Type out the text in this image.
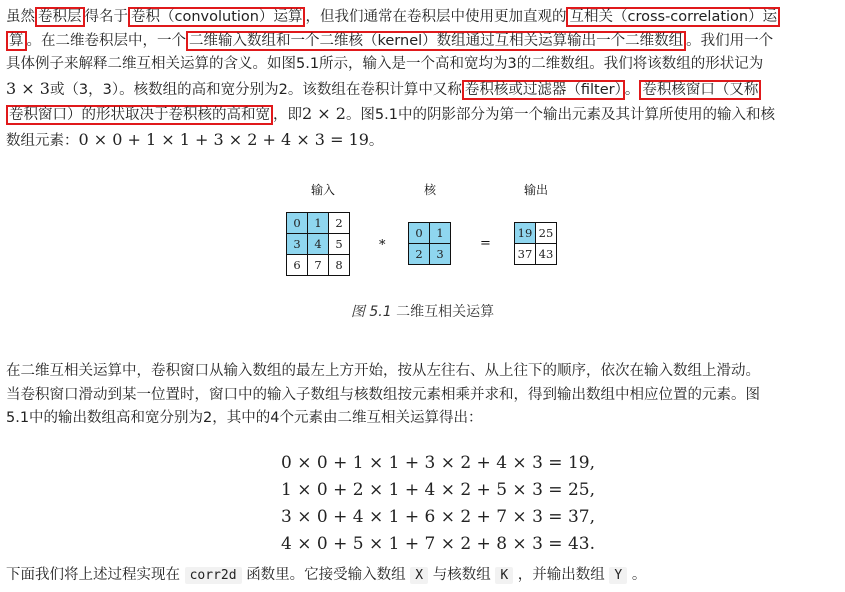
虽然 卷积层 得名于 卷积（convolution）运算 ，但我们通常在卷积层中使用更加直观的 互相关（cross-correlation）运
算 。在二维卷积层中，一个 二维输入数组和一个二维核（kernel）数组通过互相关运算输出一个二维数组 。我们用一个
具体例子来解释二维互相关运算的含义。如图5.1所示，输入是一个高和宽均为3的二维数组。我们将该数组的形状记为
3 × 3或（3，3）。核数组的高和宽分别为2。该数组在卷积计算中又称 卷积核或过滤器（filter） 。 卷积核窗口（又称
卷积窗口）的形状取决于卷积核的高和宽 ，即2 × 2。图5.1中的阴影部分为第一个输出元素及其计算所使用的输入和核
数组元素：0 × 0 + 1 × 1 + 3 × 2 + 4 × 3 = 19。
输入	核	输出
0	1	2
3	4	5
6	7	8
*
0	1
2	3
=
19	25
37	43
图 5.1 二维互相关运算
在二维互相关运算中，卷积窗口从输入数组的最左上方开始，按从左往右、从上往下的顺序，依次在输入数组上滑动。
当卷积窗口滑动到某一位置时，窗口中的输入子数组与核数组按元素相乘并求和，得到输出数组中相应位置的元素。图
5.1中的输出数组高和宽分别为2，其中的4个元素由二维互相关运算得出：
0 × 0 + 1 × 1 + 3 × 2 + 4 × 3 = 19,
1 × 0 + 2 × 1 + 4 × 2 + 5 × 3 = 25,
3 × 0 + 4 × 1 + 6 × 2 + 7 × 3 = 37,
4 × 0 + 5 × 1 + 7 × 2 + 8 × 3 = 43.
下面我们将上述过程实现在 corr2d 函数里。它接受输入数组 X 与核数组 K ，并输出数组 Y 。
